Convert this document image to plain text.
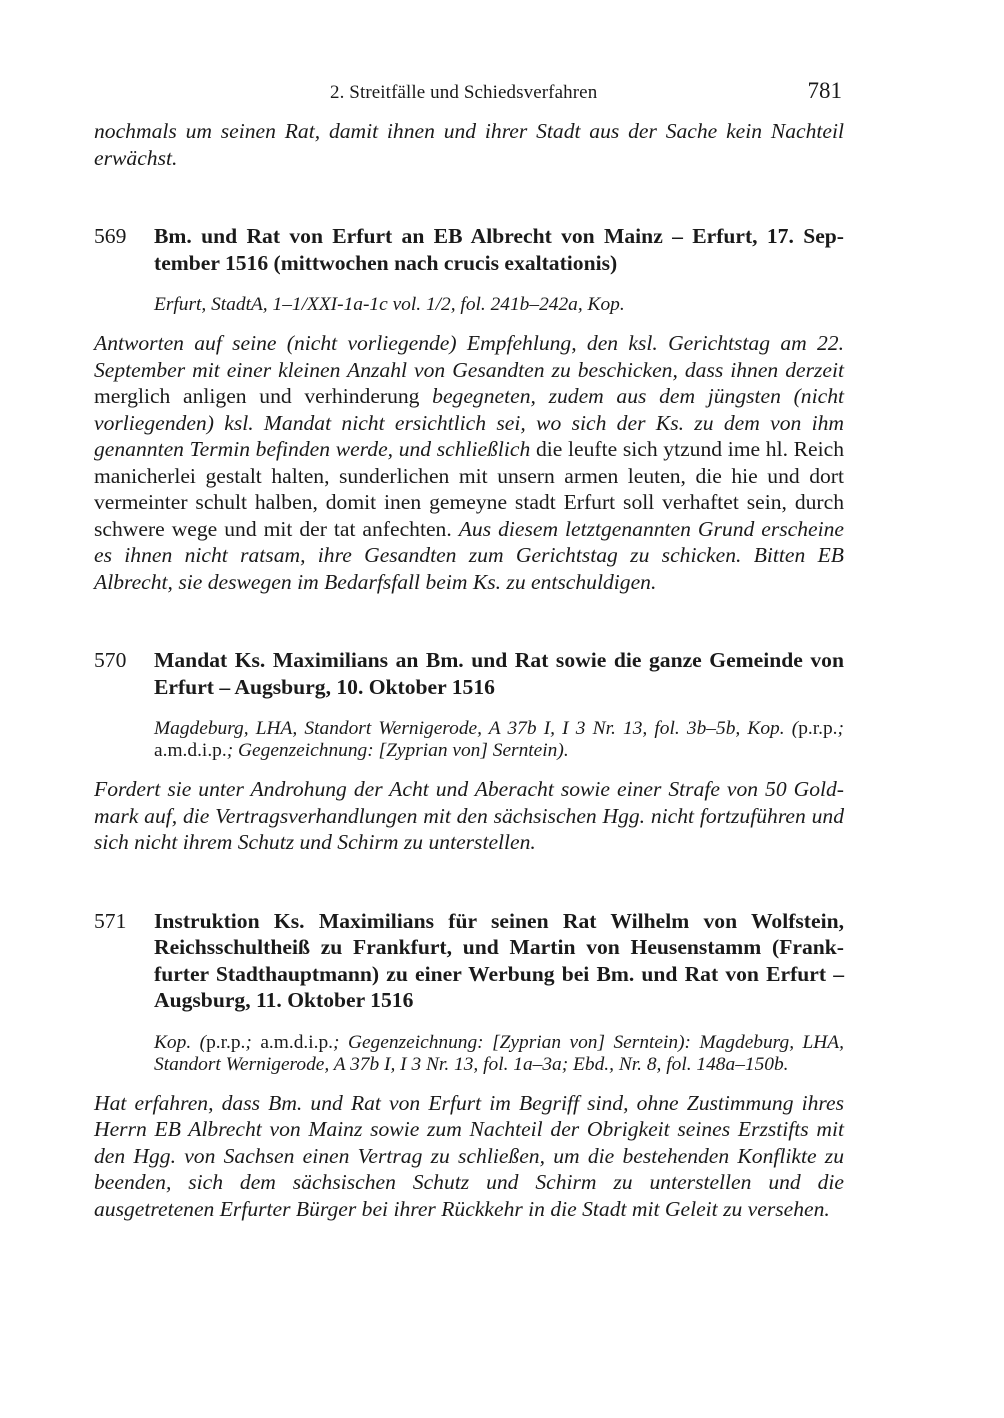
2. Streitfälle und Schiedsverfahren	781

nochmals um seinen Rat, damit ihnen und ihrer Stadt aus der Sache kein Nachteil erwächst.

569	Bm. und Rat von Erfurt an EB Albrecht von Mainz – Erfurt, 17. September 1516 (mittwochen nach crucis exaltationis)
Erfurt, StadtA, 1–1/XXI-1a-1c vol. 1/2, fol. 241b–242a, Kop.

Antworten auf seine (nicht vorliegende) Empfehlung, den ksl. Gerichtstag am 22. September mit einer kleinen Anzahl von Gesandten zu beschicken, dass ihnen derzeit merglich anligen und verhinderung begegneten, zudem aus dem jüngsten (nicht vorliegenden) ksl. Mandat nicht ersichtlich sei, wo sich der Ks. zu dem von ihm genannten Termin befinden werde, und schließlich die leufte sich ytzund ime hl. Reich manicherlei gestalt halten, sunderlichen mit unsern armen leuten, die hie und dort vermeinter schult halben, domit inen gemeyne stadt Erfurt soll verhaftet sein, durch schwere wege und mit der tat anfechten. Aus diesem letztgenannten Grund erscheine es ihnen nicht ratsam, ihre Gesandten zum Gerichtstag zu schicken. Bitten EB Albrecht, sie deswegen im Bedarfsfall beim Ks. zu entschuldigen.

570	Mandat Ks. Maximilians an Bm. und Rat sowie die ganze Gemeinde von Erfurt – Augsburg, 10. Oktober 1516
Magdeburg, LHA, Standort Wernigerode, A 37b I, I 3 Nr. 13, fol. 3b–5b, Kop. (p.r.p.; a.m.d.i.p.; Gegenzeichnung: [Zyprian von] Serntein).

Fordert sie unter Androhung der Acht und Aberacht sowie einer Strafe von 50 Goldmark auf, die Vertragsverhandlungen mit den sächsischen Hgg. nicht fortzuführen und sich nicht ihrem Schutz und Schirm zu unterstellen.

571	Instruktion Ks. Maximilians für seinen Rat Wilhelm von Wolfstein, Reichsschultheiß zu Frankfurt, und Martin von Heusenstamm (Frankfurter Stadthauptmann) zu einer Werbung bei Bm. und Rat von Erfurt – Augsburg, 11. Oktober 1516
Kop. (p.r.p.; a.m.d.i.p.; Gegenzeichnung: [Zyprian von] Serntein): Magdeburg, LHA, Standort Wernigerode, A 37b I, I 3 Nr. 13, fol. 1a–3a; Ebd., Nr. 8, fol. 148a–150b.

Hat erfahren, dass Bm. und Rat von Erfurt im Begriff sind, ohne Zustimmung ihres Herrn EB Albrecht von Mainz sowie zum Nachteil der Obrigkeit seines Erzstifts mit den Hgg. von Sachsen einen Vertrag zu schließen, um die bestehenden Konflikte zu beenden, sich dem sächsischen Schutz und Schirm zu unterstellen und die ausgetretenen Erfurter Bürger bei ihrer Rückkehr in die Stadt mit Geleit zu versehen.
